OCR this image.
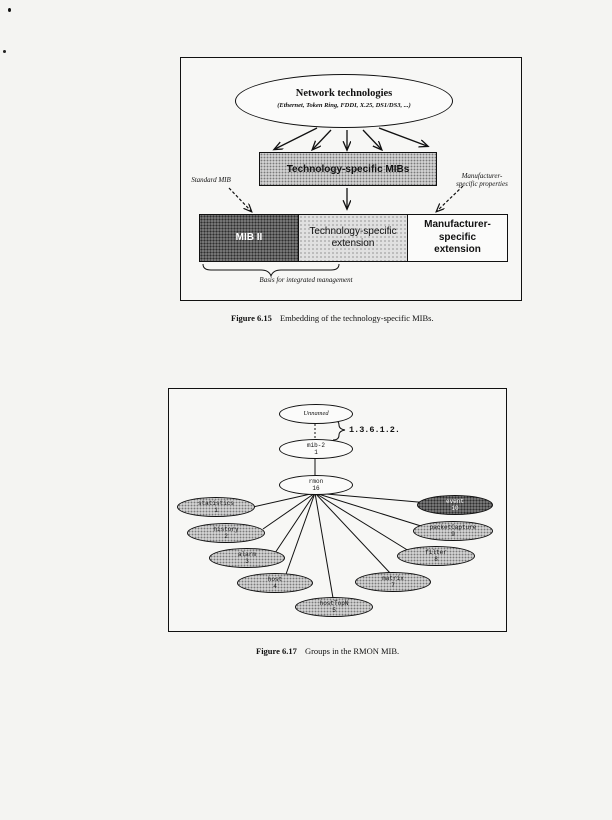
Network technologies
(Ethernet, Token Ring, FDDI, X.25, DS1/DS3, ...)
Technology-specific MIBs
Standard MIB	Manufacturer-specific properties
MIB II
Technology-specific extension
Manufacturer-specific extension
Basis for integrated management
Figure 6.15 Embedding of the technology-specific MIBs.
Unnamed
1.3.6.1.2.
mib-2
1
rmon
16
statistics
1
history
2
alarm
3
host
4
hostTopN
5
matrix
7
filter
8
packetCapture
9
event
10
Figure 6.17 Groups in the RMON MIB.
